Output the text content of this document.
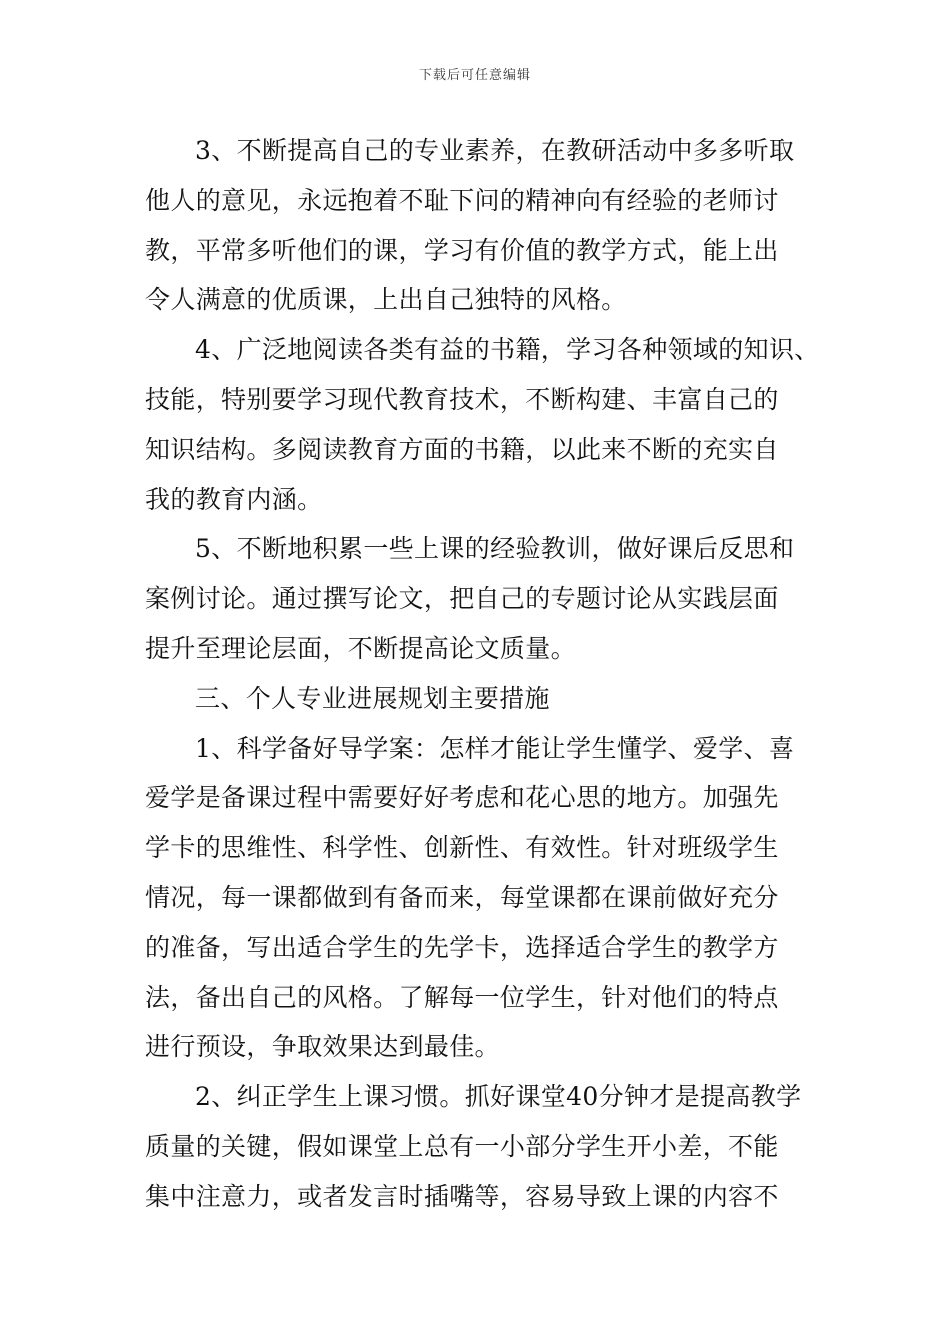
下载后可任意编辑
3、不断提高自己的专业素养，在教研活动中多多听取
他人的意见，永远抱着不耻下问的精神向有经验的老师讨
教，平常多听他们的课，学习有价值的教学方式，能上出
令人满意的优质课，上出自己独特的风格。
4、广泛地阅读各类有益的书籍，学习各种领域的知识、
技能，特别要学习现代教育技术，不断构建、丰富自己的
知识结构。多阅读教育方面的书籍，以此来不断的充实自
我的教育内涵。
5、不断地积累一些上课的经验教训，做好课后反思和
案例讨论。通过撰写论文，把自己的专题讨论从实践层面
提升至理论层面，不断提高论文质量。
三、个人专业进展规划主要措施
1、科学备好导学案：怎样才能让学生懂学、爱学、喜
爱学是备课过程中需要好好考虑和花心思的地方。加强先
学卡的思维性、科学性、创新性、有效性。针对班级学生
情况，每一课都做到有备而来，每堂课都在课前做好充分
的准备，写出适合学生的先学卡，选择适合学生的教学方
法，备出自己的风格。了解每一位学生，针对他们的特点
进行预设，争取效果达到最佳。
2、纠正学生上课习惯。抓好课堂40分钟才是提高教学
质量的关键，假如课堂上总有一小部分学生开小差，不能
集中注意力，或者发言时插嘴等，容易导致上课的内容不
